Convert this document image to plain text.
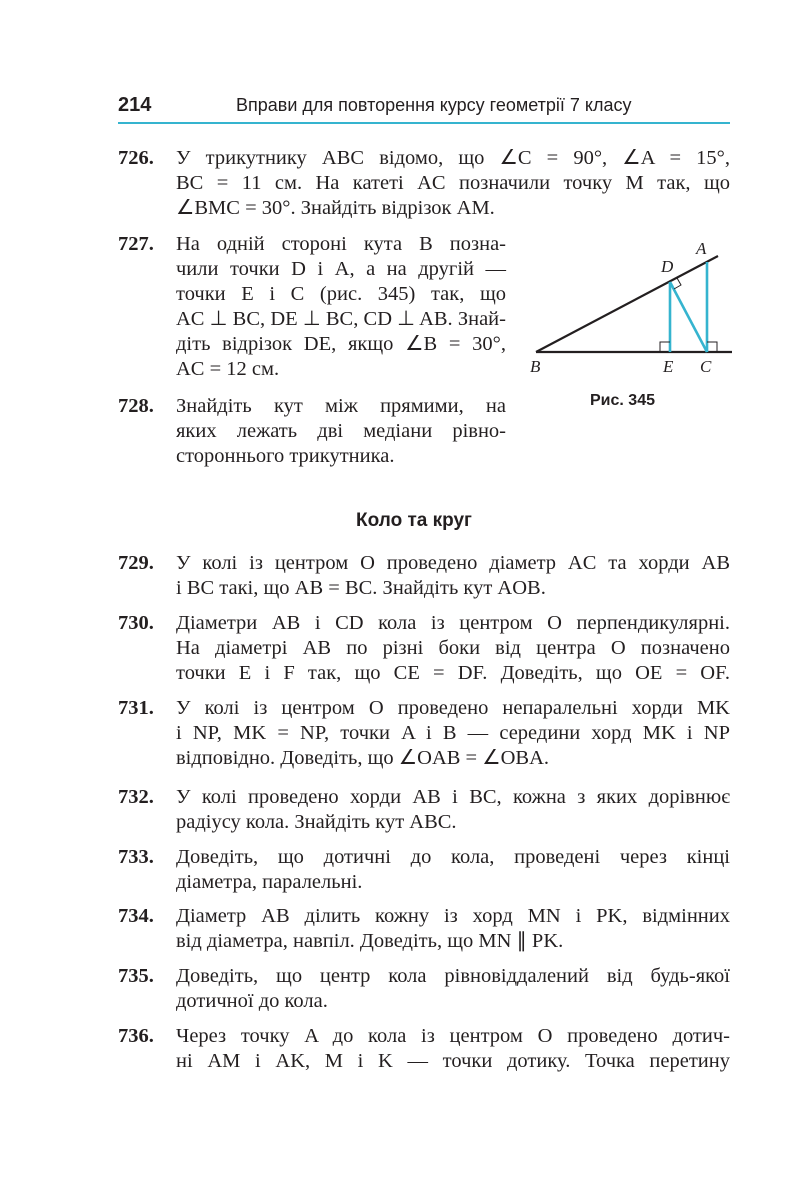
214	Вправи для повторення курсу геометрії 7 класу
726. У трикутнику ABC відомо, що ∠C = 90°, ∠A = 15°,
BC = 11 см. На катеті AC позначили точку M так, що
∠BMC = 30°. Знайдіть відрізок AM.
727. На одній стороні кута B позна-
чили точки D і A, а на другій —
точки E і C (рис. 345) так, що
AC ⊥ BC, DE ⊥ BC, CD ⊥ AB. Знай-
діть відрізок DE, якщо ∠B = 30°,
AC = 12 см.
728. Знайдіть кут між прямими, на
яких лежать дві медіани рівно-
стороннього трикутника.
A
D
B	E C
Рис. 345
Коло та круг
729. У колі із центром O проведено діаметр AC та хорди AB
і BC такі, що AB = BC. Знайдіть кут AOB.
730. Діаметри AB і CD кола із центром O перпендикулярні.
На діаметрі AB по різні боки від центра O позначено
точки E і F так, що CE = DF. Доведіть, що OE = OF.
731. У колі із центром O проведено непаралельні хорди MK
і NP, MK = NP, точки A і B — середини хорд MK і NP
відповідно. Доведіть, що ∠OAB = ∠OBA.
732. У колі проведено хорди AB і BC, кожна з яких дорівнює
радіусу кола. Знайдіть кут ABC.
733. Доведіть, що дотичні до кола, проведені через кінці
діаметра, паралельні.
734. Діаметр AB ділить кожну із хорд MN і PK, відмінних
від діаметра, навпіл. Доведіть, що MN ∥ PK.
735. Доведіть, що центр кола рівновіддалений від будь-якої
дотичної до кола.
736. Через точку A до кола із центром O проведено дотич-
ні AM і AK, M і K — точки дотику. Точка перетину
